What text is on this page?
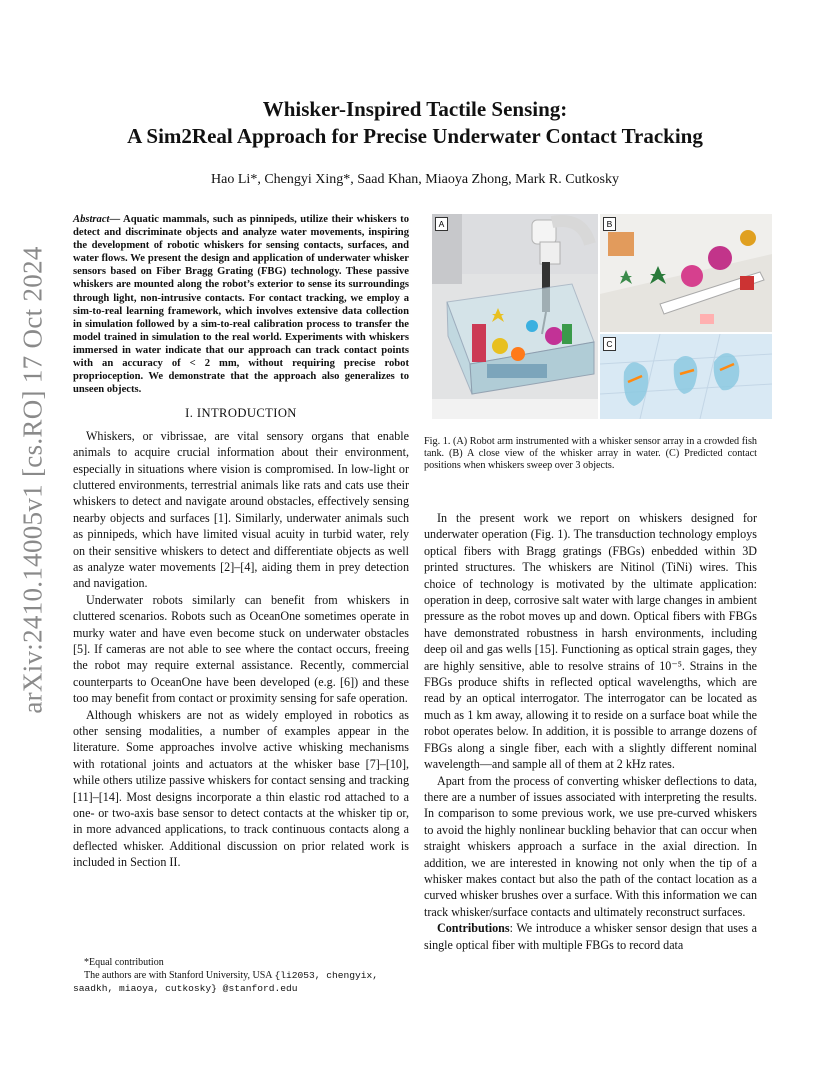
arXiv:2410.14005v1 [cs.RO] 17 Oct 2024
Whisker-Inspired Tactile Sensing:
A Sim2Real Approach for Precise Underwater Contact Tracking
Hao Li*, Chengyi Xing*, Saad Khan, Miaoya Zhong, Mark R. Cutkosky

Abstract— Aquatic mammals, such as pinnipeds, utilize their whiskers to detect and discriminate objects and analyze water movements, inspiring the development of robotic whiskers for sensing contacts, surfaces, and water flows. We present the design and application of underwater whisker sensors based on Fiber Bragg Grating (FBG) technology. These passive whiskers are mounted along the robot’s exterior to sense its surroundings through light, non-intrusive contacts. For contact tracking, we employ a sim-to-real learning framework, which involves extensive data collection in simulation followed by a sim-to-real calibration process to transfer the model trained in simulation to the real world. Experiments with whiskers immersed in water indicate that our approach can track contact points with an accuracy of < 2 mm, without requiring precise robot proprioception. We demonstrate that the approach also generalizes to unseen objects.

I. INTRODUCTION

Whiskers, or vibrissae, are vital sensory organs that enable animals to acquire crucial information about their environment, especially in situations where vision is compromised. In low-light or cluttered environments, terrestrial animals like rats and cats use their whiskers to detect and navigate around obstacles, effectively sensing nearby objects and surfaces [1]. Similarly, underwater animals such as pinnipeds, which have limited visual acuity in turbid water, rely on their sensitive whiskers to detect and differentiate objects as well as analyze water movements [2]–[4], aiding them in prey detection and navigation.

Underwater robots similarly can benefit from whiskers in cluttered scenarios. Robots such as OceanOne sometimes operate in murky water and have even become stuck on underwater obstacles [5]. If cameras are not able to see where the contact occurs, freeing the robot may require external assistance. Recently, commercial counterparts to OceanOne have been developed (e.g. [6]) and these too may benefit from contact or proximity sensing for safe operation.

Although whiskers are not as widely employed in robotics as other sensing modalities, a number of examples appear in the literature. Some approaches involve active whisking mechanisms with rotational joints and actuators at the whisker base [7]–[10], while others utilize passive whiskers for contact sensing and tracking [11]–[14]. Most designs incorporate a thin elastic rod attached to a one- or two-axis base sensor to detect contacts at the whisker tip or, in more advanced applications, to track continuous contacts along a deflected whisker. Additional discussion on prior related work is included in Section II.

*Equal contribution

The authors are with Stanford University, USA {li2053, chengyix, saadkh, miaoya, cutkosky} @stanford.edu

A	B
C
Fig. 1. (A) Robot arm instrumented with a whisker sensor array in a crowded fish tank. (B) A close view of the whisker array in water. (C) Predicted contact positions when whiskers sweep over 3 objects.

In the present work we report on whiskers designed for underwater operation (Fig. 1). The transduction technology employs optical fibers with Bragg gratings (FBGs) enbedded within 3D printed structures. The whiskers are Nitinol (TiNi) wires. This choice of technology is motivated by the ultimate application: operation in deep, corrosive salt water with large changes in ambient pressure as the robot moves up and down. Optical fibers with FBGs have demonstrated robustness in harsh environments, including deep oil and gas wells [15]. Functioning as optical strain gages, they are highly sensitive, able to resolve strains of 10⁻⁵. Strains in the FBGs produce shifts in reflected optical wavelengths, which are read by an optical interrogator. The interrogator can be located as much as 1 km away, allowing it to reside on a surface boat while the robot operates below. In addition, it is possible to arrange dozens of FBGs along a single fiber, each with a slightly different nominal wavelength—and sample all of them at 2 kHz rates.

Apart from the process of converting whisker deflections to data, there are a number of issues associated with interpreting the results. In comparison to some previous work, we use pre-curved whiskers to avoid the highly nonlinear buckling behavior that can occur when straight whiskers approach a surface in the axial direction. In addition, we are interested in knowing not only when the tip of a whisker makes contact but also the path of the contact location as a curved whisker brushes over a surface. With this information we can track whisker/surface contacts and ultimately reconstruct surfaces.

Contributions: We introduce a whisker sensor design that uses a single optical fiber with multiple FBGs to record data
